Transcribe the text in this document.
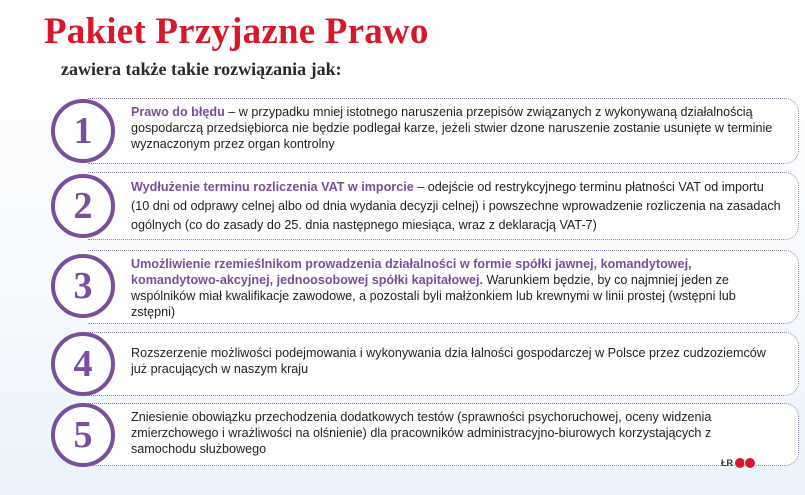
Pakiet Przyjazne Prawo
zawiera także takie rozwiązania jak:
1	Prawo do błędu – w przypadku mniej istotnego naruszenia przepisów związanych z wykonywaną działalnością gospodarczą przedsiębiorca nie będzie podlegał karze, jeżeli stwier dzone naruszenie zostanie usunięte w terminie wyznaczonym przez organ kontrolny
2	Wydłużenie terminu rozliczenia VAT w imporcie – odejście od restrykcyjnego terminu płatności VAT od importu (10 dni od odprawy celnej albo od dnia wydania decyzji celnej) i powszechne wprowadzenie rozliczenia na zasadach ogólnych (co do zasady do 25. dnia następnego miesiąca, wraz z deklaracją VAT-7)
3
Umożliwienie rzemieślnikom prowadzenia działalności w formie spółki jawnej, komandytowej, komandytowo-akcyjnej, jednoosobowej spółki kapitałowej. Warunkiem będzie, by co najmniej jeden ze wspólników miał kwalifikacje zawodowe, a pozostali byli małżonkiem lub krewnymi w linii prostej (wstępni lub zstępni)
4	Rozszerzenie możliwości podejmowania i wykonywania dzia łalności gospodarczej w Polsce przez cudzoziemców już pracujących w naszym kraju
5	Zniesienie obowiązku przechodzenia dodatkowych testów (sprawności psychoruchowej, oceny widzenia zmierzchowego i wrażliwości na olśnienie) dla pracowników administracyjno-biurowych korzystających z samochodu służbowego
ŁR
